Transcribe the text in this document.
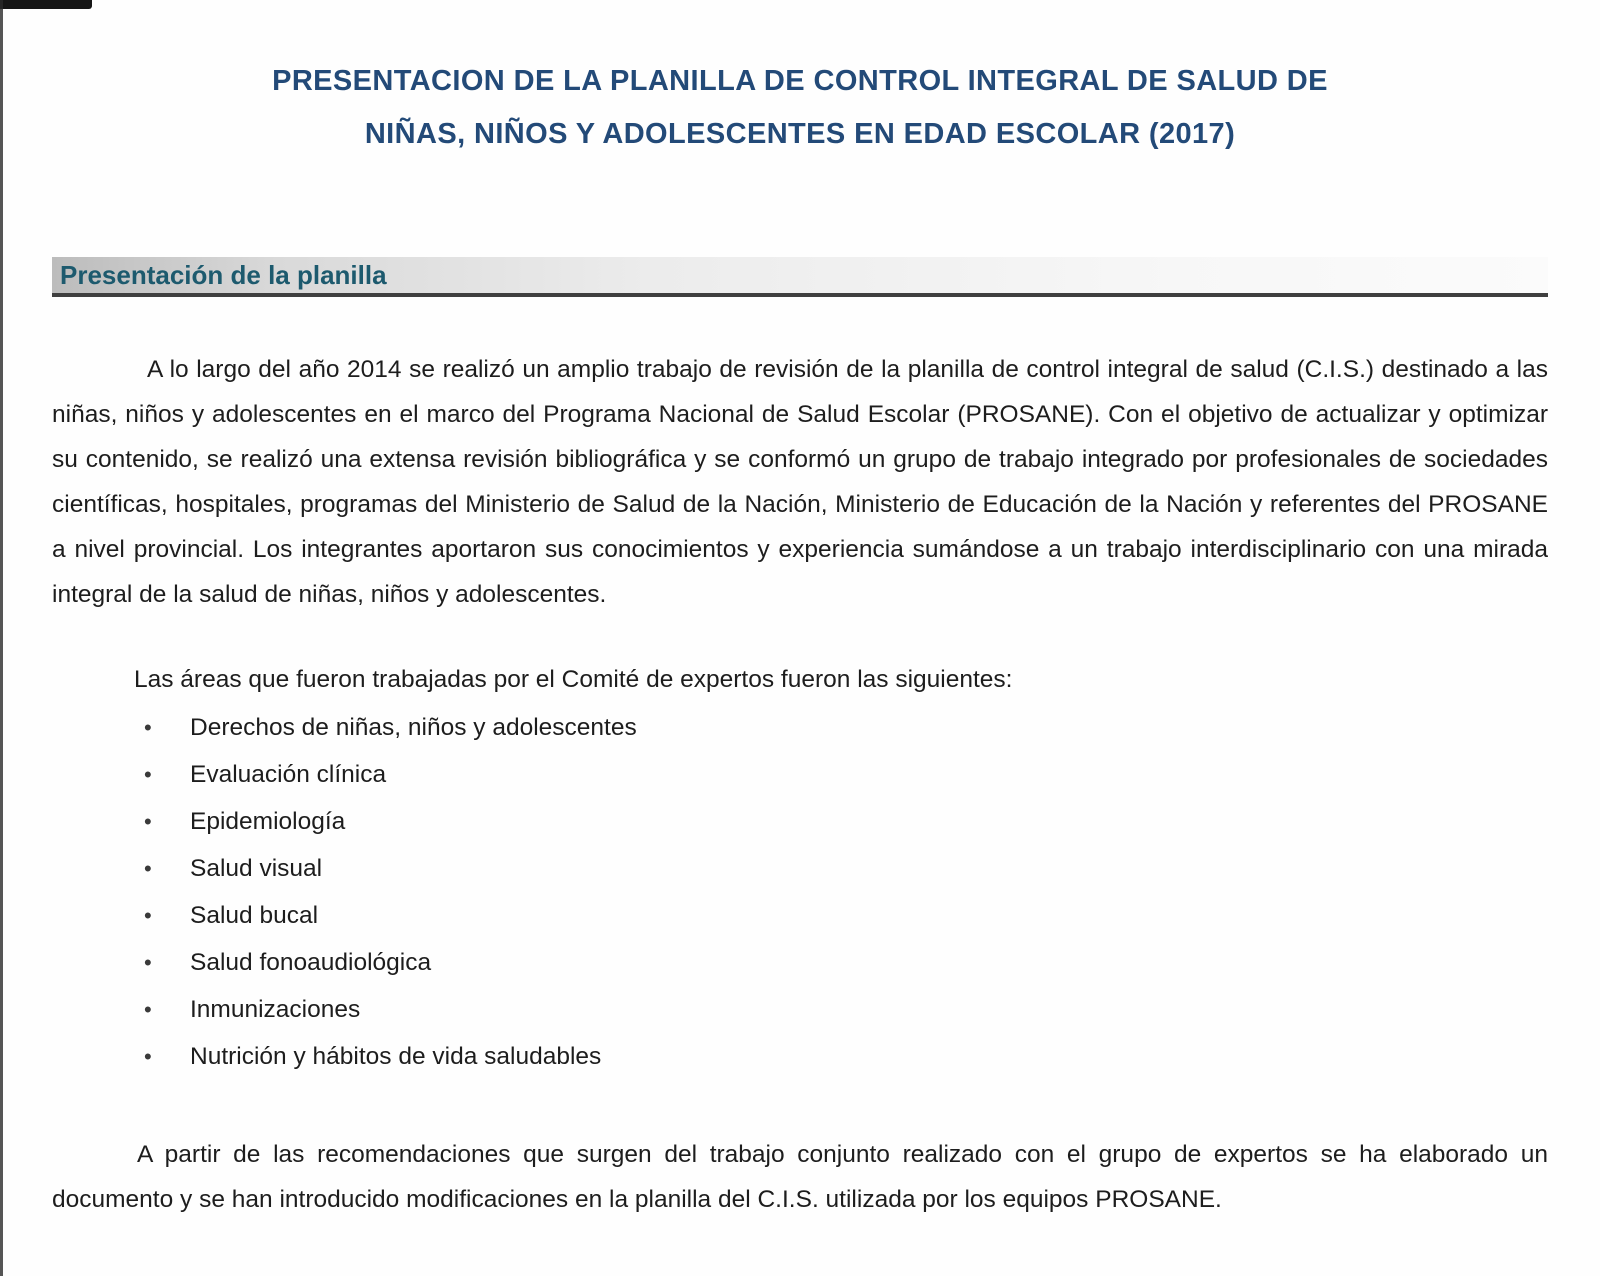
PRESENTACION DE LA PLANILLA DE CONTROL INTEGRAL DE SALUD DE
NIÑAS, NIÑOS Y ADOLESCENTES EN EDAD ESCOLAR (2017)
Presentación de la planilla

A lo largo del año 2014 se realizó un amplio trabajo de revisión de la planilla de control integral de salud (C.I.S.) destinado a las niñas, niños y adolescentes en el marco del Programa Nacional de Salud Escolar (PROSANE). Con el objetivo de actualizar y optimizar su contenido, se realizó una extensa revisión bibliográfica y se conformó un grupo de trabajo integrado por profesionales de sociedades científicas, hospitales, programas del Ministerio de Salud de la Nación, Ministerio de Educación de la Nación y referentes del PROSANE a nivel provincial. Los integrantes aportaron sus conocimientos y experiencia sumándose a un trabajo interdisciplinario con una mirada integral de la salud de niñas, niños y adolescentes.

Las áreas que fueron trabajadas por el Comité de expertos fueron las siguientes:

•	Derechos de niñas, niños y adolescentes
•	Evaluación clínica
•	Epidemiología
•	Salud visual
•	Salud bucal
•	Salud fonoaudiológica
•	Inmunizaciones
•	Nutrición y hábitos de vida saludables

A partir de las recomendaciones que surgen del trabajo conjunto realizado con el grupo de expertos se ha elaborado un documento y se han introducido modificaciones en la planilla del C.I.S. utilizada por los equipos PROSANE.
